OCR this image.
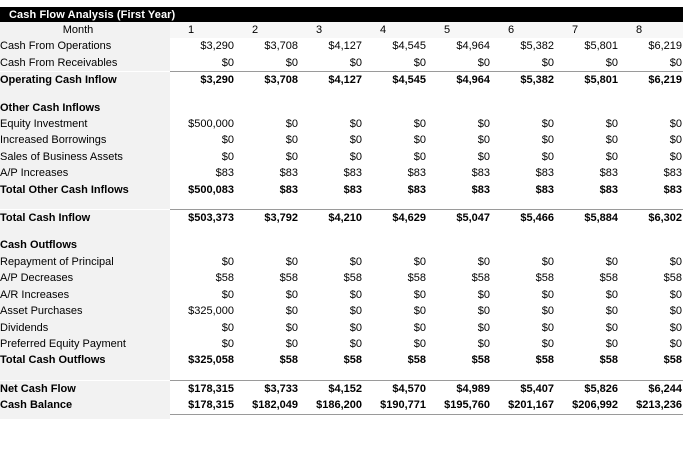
Cash Flow Analysis (First Year)
Month	1	2	3	4	5	6	7	8	
Cash From Operations	$3,290	$3,708	$4,127	$4,545	$4,964	$5,382	$5,801	$6,219	
Cash From Receivables	$0	$0	$0	$0	$0	$0	$0	$0	
Operating Cash Inflow	$3,290	$3,708	$4,127	$4,545	$4,964	$5,382	$5,801	$6,219	

Other Cash Inflows									
Equity Investment	$500,000	$0	$0	$0	$0	$0	$0	$0	
Increased Borrowings	$0	$0	$0	$0	$0	$0	$0	$0	
Sales of Business Assets	$0	$0	$0	$0	$0	$0	$0	$0	
A/P Increases	$83	$83	$83	$83	$83	$83	$83	$83	
Total Other Cash Inflows	$500,083	$83	$83	$83	$83	$83	$83	$83	

Total Cash Inflow	$503,373	$3,792	$4,210	$4,629	$5,047	$5,466	$5,884	$6,302	

Cash Outflows									
Repayment of Principal	$0	$0	$0	$0	$0	$0	$0	$0	
A/P Decreases	$58	$58	$58	$58	$58	$58	$58	$58	
A/R Increases	$0	$0	$0	$0	$0	$0	$0	$0	
Asset Purchases	$325,000	$0	$0	$0	$0	$0	$0	$0	
Dividends	$0	$0	$0	$0	$0	$0	$0	$0	
Preferred Equity Payment	$0	$0	$0	$0	$0	$0	$0	$0	
Total Cash Outflows	$325,058	$58	$58	$58	$58	$58	$58	$58	

Net Cash Flow	$178,315	$3,733	$4,152	$4,570	$4,989	$5,407	$5,826	$6,244	
Cash Balance	$178,315	$182,049	$186,200	$190,771	$195,760	$201,167	$206,992	$213,236	
